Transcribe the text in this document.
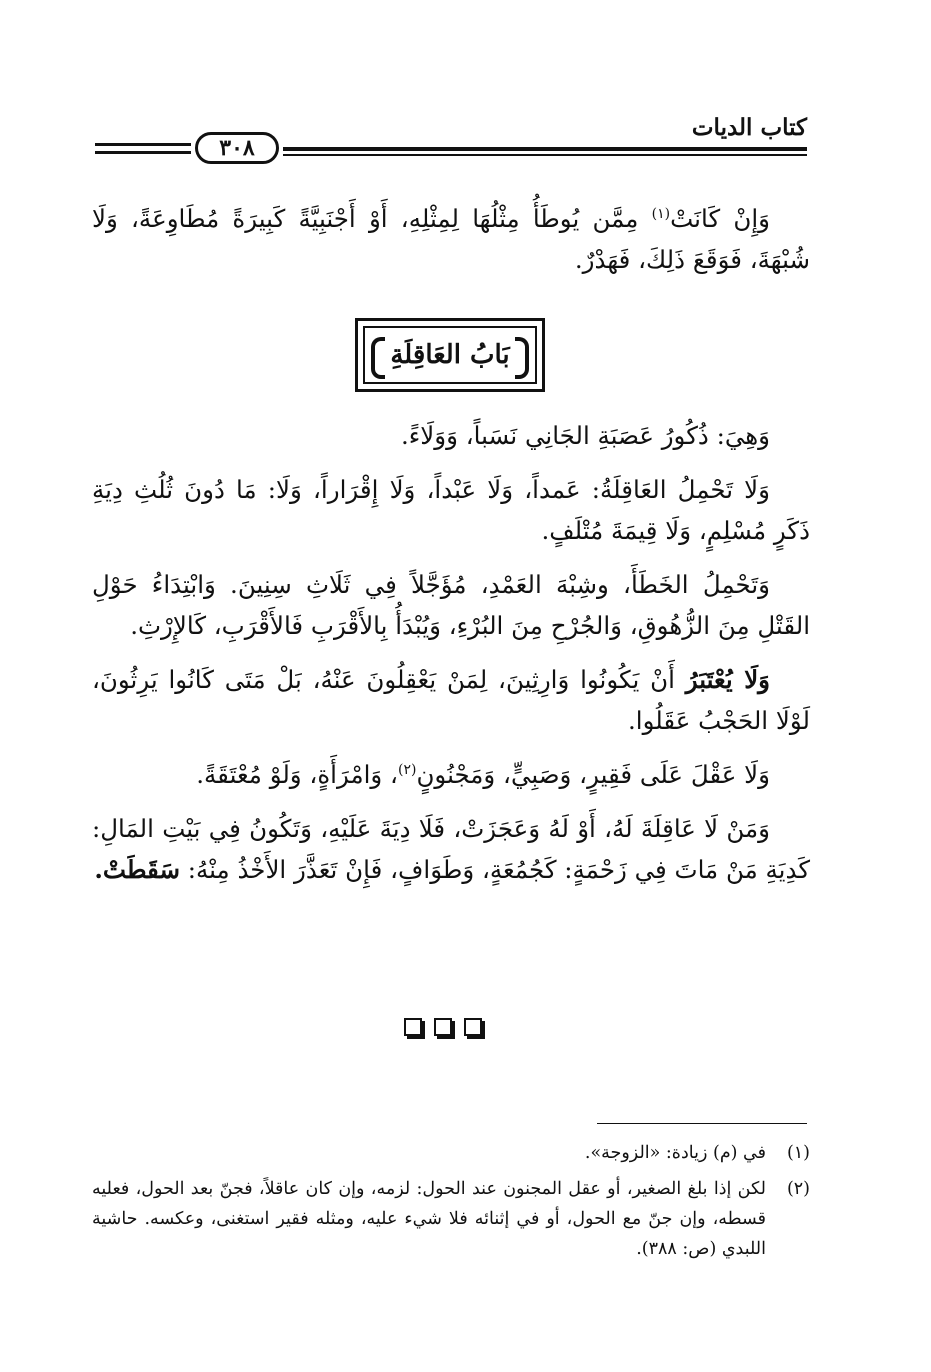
٣٠٨
كتاب الديات

وَإِنْ كَانَتْ$^{(١)}$ مِمَّن يُوطَأُ مِثْلُهَا لِمِثْلِهِ، أَوْ أَجْنَبِيَّةً كَبِيرَةً مُطَاوِعَةً، وَلَا شُبْهَةَ، فَوَقَعَ ذَلِكَ، فَهَدْرٌ.

بَابُ العَاقِلَةِ

وَهِيَ: ذُكُورُ عَصَبَةِ الجَانِي نَسَباً، وَوَلَاءً.

وَلَا تَحْمِلُ العَاقِلَةُ: عَمداً، وَلَا عَبْداً، وَلَا إِقْرَاراً، وَلَا: مَا دُونَ ثُلُثِ دِيَةِ ذَكَرٍ مُسْلِمٍ، وَلَا قِيمَةَ مُتْلَفٍ.

وَتَحْمِلُ الخَطَأَ، وشِبْهَ العَمْدِ، مُؤَجَّلاً فِي ثَلَاثِ سِنِينَ. وَابْتِدَاءُ حَوْلِ القَتْلِ مِنَ الزُّهُوقِ، وَالجُرْحِ مِنَ البُرْءِ، وَيُبْدَأُ بِالأَقْرَبِ فَالأَقْرَبِ، كَالإِرْثِ.

وَلَا يُعْتَبَرُ أَنْ يَكُونُوا وَارِثِينَ، لِمَنْ يَعْقِلُونَ عَنْهُ، بَلْ مَتَى كَانُوا يَرِثُونَ، لَوْلَا الحَجْبُ عَقَلُوا.

وَلَا عَقْلَ عَلَى فَقِيرٍ، وَصَبِيٍّ، وَمَجْنُونٍ$^{(٢)}$، وَامْرَأَةٍ، وَلَوْ مُعْتَقَةً.

وَمَنْ لَا عَاقِلَةَ لَهُ، أَوْ لَهُ وَعَجَزَتْ، فَلَا دِيَةَ عَلَيْهِ، وَتَكُونُ فِي بَيْتِ المَالِ: كَدِيَةِ مَنْ مَاتَ فِي زَحْمَةٍ: كَجُمُعَةٍ، وَطَوَافٍ، فَإِنْ تَعَذَّرَ الأَخْذُ مِنْهُ: سَقَطَتْ.

(١)
في (م) زيادة: «الزوجة».

(٢)
لكن إذا بلغ الصغير، أو عقل المجنون عند الحول: لزمه، وإن كان عاقلاً، فجنّ بعد الحول، فعليه قسطه، وإن جنّ مع الحول، أو في إثنائه فلا شيء عليه، ومثله فقير استغنى، وعكسه. حاشية اللبدي (ص: ٣٨٨).
